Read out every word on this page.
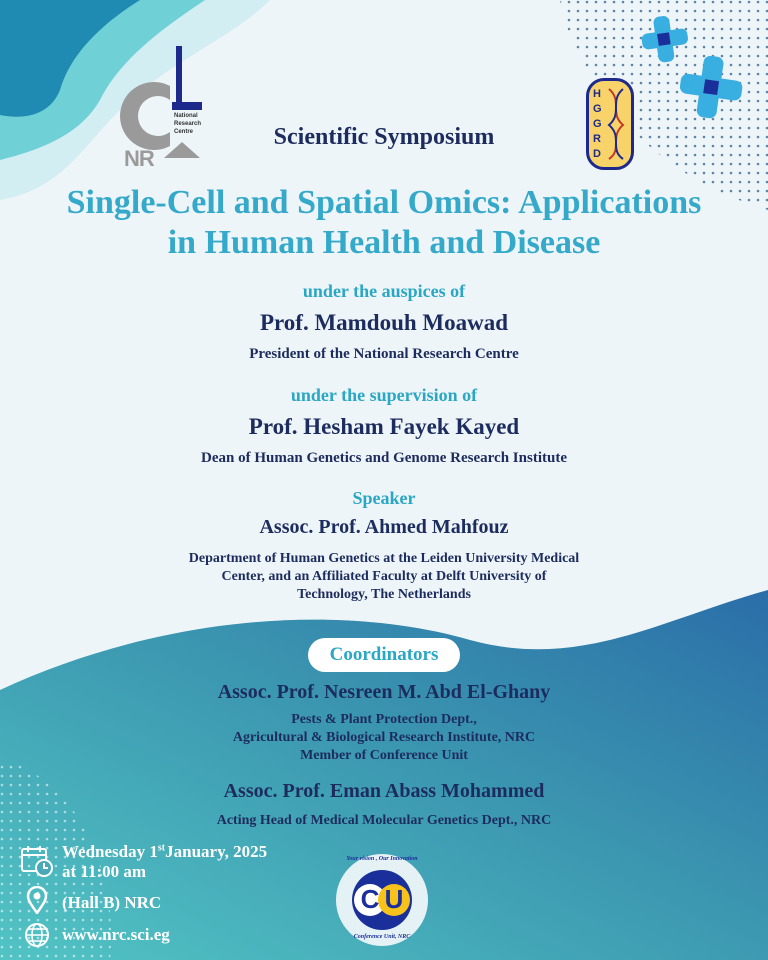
National
Research
Centre
NR
HGGRD
Scientific Symposium
Single-Cell and Spatial Omics: Applications
in Human Health and Disease
under the auspices of
Prof. Mamdouh Moawad
President of the National Research Centre
under the supervision of
Prof. Hesham Fayek Kayed
Dean of Human Genetics and Genome Research Institute
Speaker
Assoc. Prof. Ahmed Mahfouz
Department of Human Genetics at the Leiden University Medical
Center, and an Affiliated Faculty at Delft University of
Technology, The Netherlands
Coordinators
Assoc. Prof. Nesreen M. Abd El-Ghany
Pests & Plant Protection Dept.,
Agricultural & Biological Research Institute, NRC
Member of Conference Unit
Assoc. Prof. Eman Abass Mohammed
Acting Head of Medical Molecular Genetics Dept., NRC
Wednesday 1stJanuary, 2025
at 11:00 am
(Hall B) NRC
www.nrc.sci.eg
C U
Your vision , Our Innovation
Conference Unit, NRC
